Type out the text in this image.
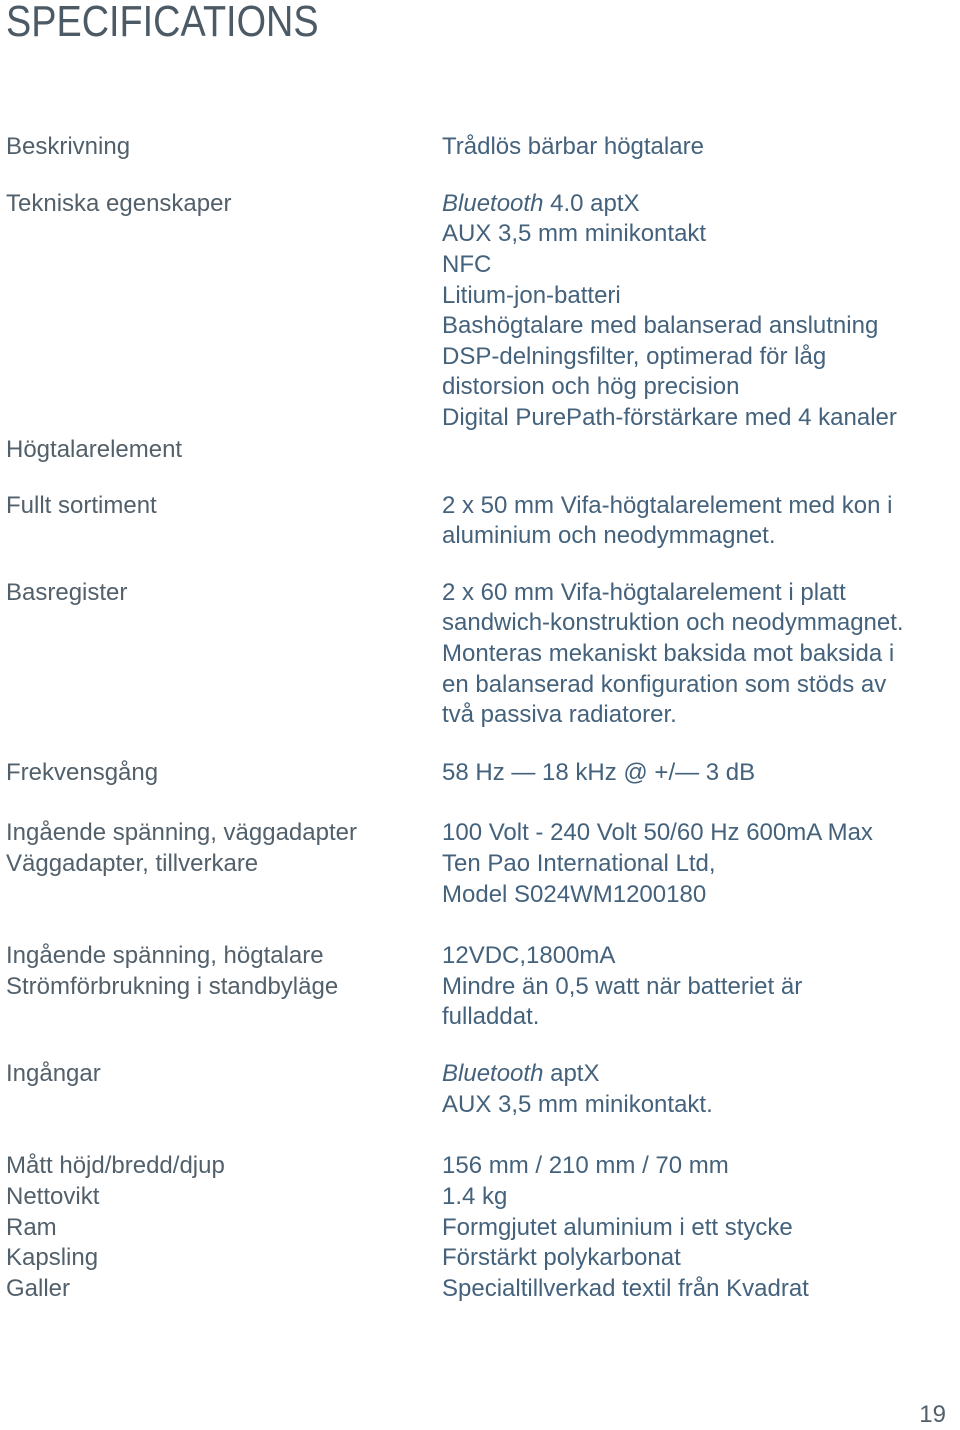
SPECIFICATIONS
Beskrivning
Tekniska egenskaper
Högtalarelement
Fullt sortiment
Basregister
Frekvensgång
Ingående spänning, väggadapter
Väggadapter, tillverkare
Ingående spänning, högtalare
Strömförbrukning i standbyläge
Ingångar
Mått höjd/bredd/djup
Nettovikt
Ram
Kapsling
Galler
Trådlös bärbar högtalare
Bluetooth 4.0 aptX
AUX 3,5 mm minikontakt
NFC
Litium-jon-batteri
Bashögtalare med balanserad anslutning
DSP-delningsfilter, optimerad för låg
distorsion och hög precision
Digital PurePath-förstärkare med 4 kanaler
2 x 50 mm Vifa-högtalarelement med kon i
aluminium och neodymmagnet.
2 x 60 mm Vifa-högtalarelement i platt
sandwich-konstruktion och neodymmagnet.
Monteras mekaniskt baksida mot baksida i
en balanserad konfiguration som stöds av
två passiva radiatorer.
58 Hz — 18 kHz @ +/— 3 dB
100 Volt - 240 Volt 50/60 Hz 600mA Max
Ten Pao International Ltd,
Model S024WM1200180
12VDC,1800mA
Mindre än 0,5 watt när batteriet är
fulladdat.
Bluetooth aptX
AUX 3,5 mm minikontakt.
156 mm / 210 mm / 70 mm
1.4 kg
Formgjutet aluminium i ett stycke
Förstärkt polykarbonat
Specialtillverkad textil från Kvadrat
19
